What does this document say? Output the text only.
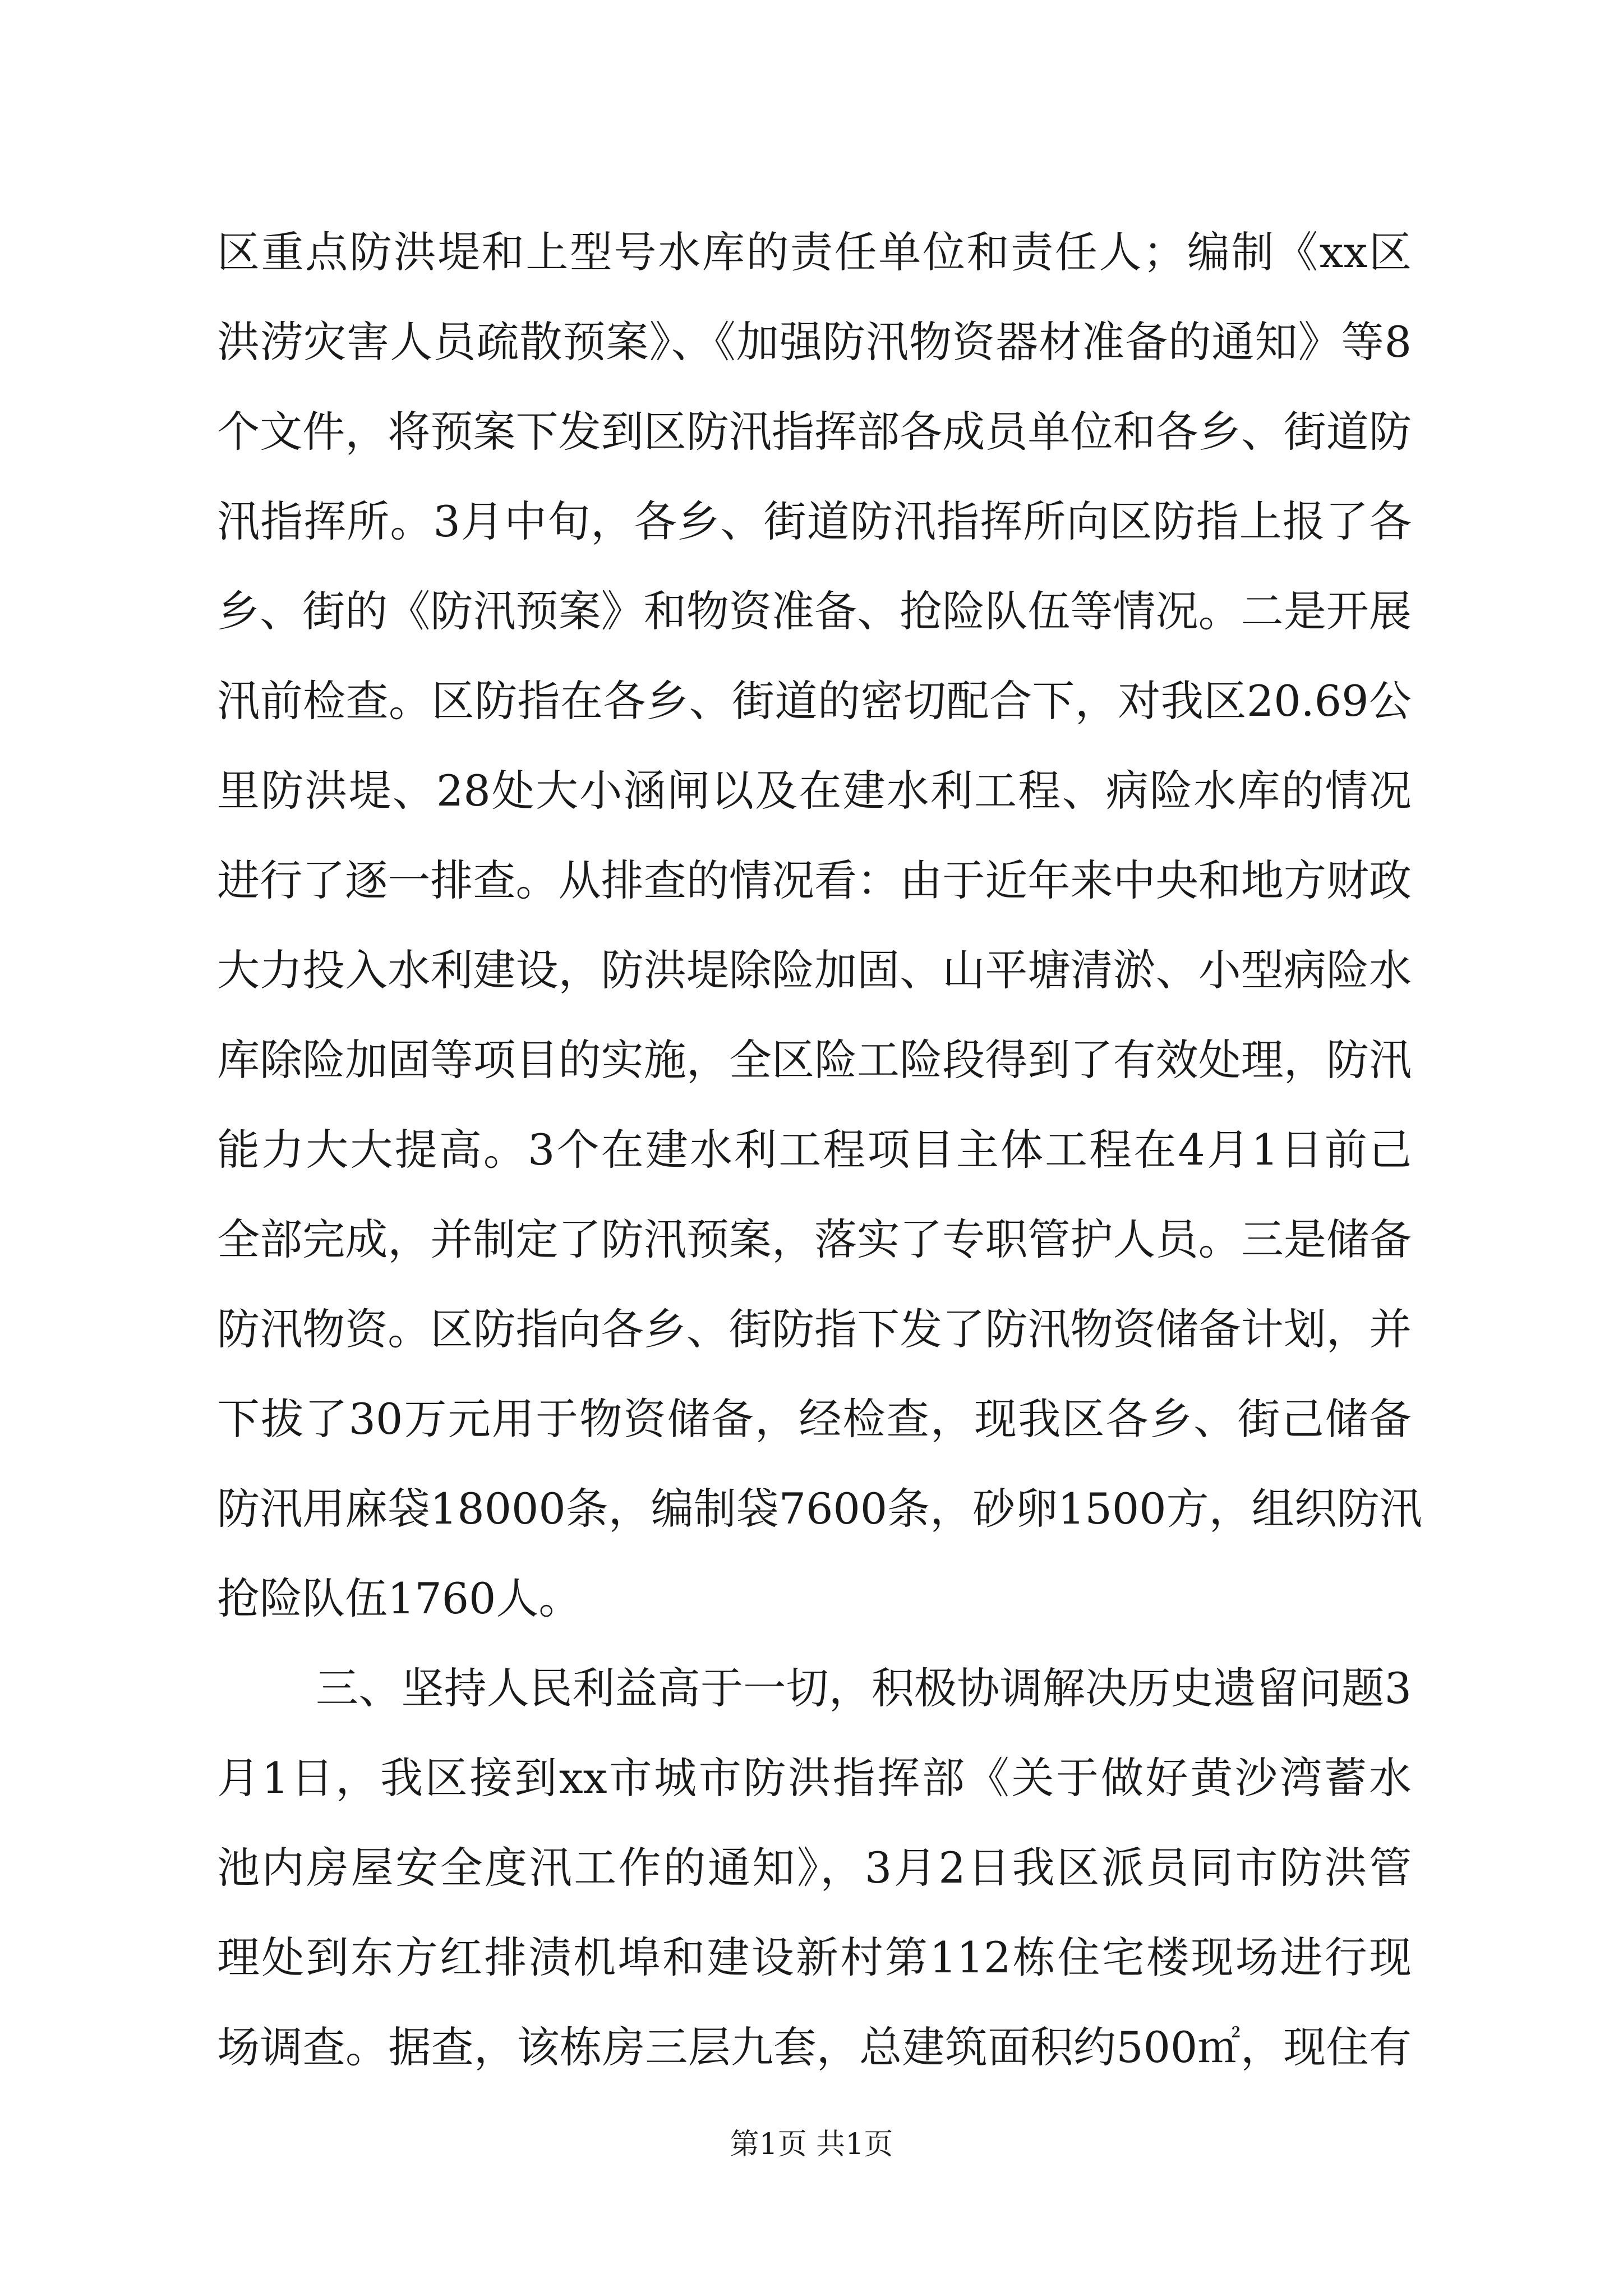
区重点防洪堤和上型号水库的责任单位和责任人；编制《xx区
洪涝灾害人员疏散预案》、《加强防汛物资器材准备的通知》等8
个文件，将预案下发到区防汛指挥部各成员单位和各乡、街道防
汛指挥所。3月中旬，各乡、街道防汛指挥所向区防指上报了各
乡、街的《防汛预案》和物资准备、抢险队伍等情况。二是开展
汛前检查。区防指在各乡、街道的密切配合下，对我区20.69公
里防洪堤、28处大小涵闸以及在建水利工程、病险水库的情况
进行了逐一排查。从排查的情况看：由于近年来中央和地方财政
大力投入水利建设，防洪堤除险加固、山平塘清淤、小型病险水
库除险加固等项目的实施，全区险工险段得到了有效处理，防汛
能力大大提高。3个在建水利工程项目主体工程在4月1日前己
全部完成，并制定了防汛预案，落实了专职管护人员。三是储备
防汛物资。区防指向各乡、街防指下发了防汛物资储备计划，并
下拔了30万元用于物资储备，经检查，现我区各乡、街己储备
防汛用麻袋18000条，编制袋7600条，砂卵1500方，组织防汛
抢险队伍1760人。
三、坚持人民利益高于一切，积极协调解决历史遗留问题3
月1日，我区接到xx市城市防洪指挥部《关于做好黄沙湾蓄水
池内房屋安全度汛工作的通知》，3月2日我区派员同市防洪管
理处到东方红排渍机埠和建设新村第112栋住宅楼现场进行现
场调查。据查，该栋房三层九套，总建筑面积约500㎡，现住有
第1页 共1页
